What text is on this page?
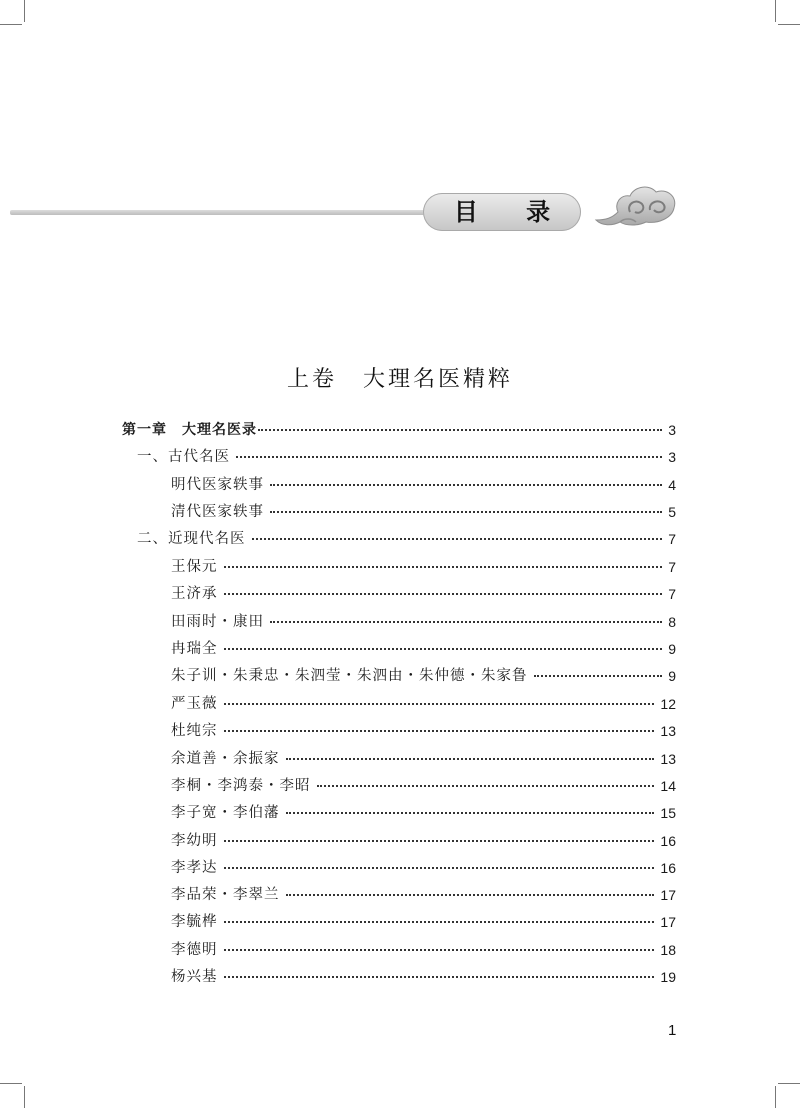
目 录
上卷 大理名医精粹
第一章　大理名医录	3
一、古代名医	3
明代医家轶事	4
清代医家轶事	5
二、近现代名医	7
王保元	7
王济承	7
田雨时・康田	8
冉瑞全	9
朱子训・朱秉忠・朱泗莹・朱泗由・朱仲德・朱家鲁	9
严玉薇	12
杜纯宗	13
余道善・余振家	13
李桐・李鸿泰・李昭	14
李子宽・李伯藩	15
李幼明	16
李孝达	16
李品荣・李翠兰	17
李毓桦	17
李德明	18
杨兴基	19
1
